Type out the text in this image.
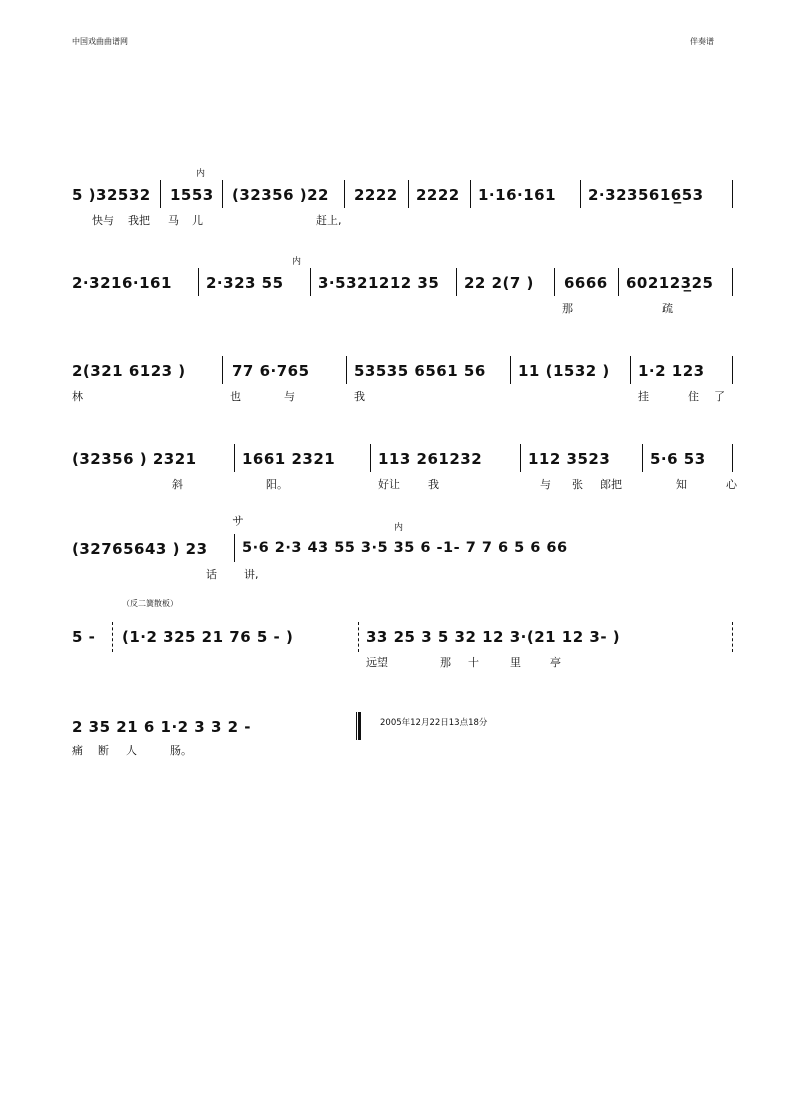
中国戏曲曲谱网	伴奏谱
5 )32532 1553
内
(32356 )22 2222 2222 1·16·161 2·3235616̲53
快与 我把 马 儿	赶上,
2·3216·161 2·323 55
内
3·5321212 35 22 2(7 ) 6666 602123̲25
那	疏
2(321 6123 )	77 6·765	53535 6561 56 11 (1532 ) 1·2 123
林	也	与	我	挂	住 了
(32356 ) 2321	1661 2321	113 261232	112 3523	5·6 53
斜	阳。	好让	我	与 张 郎把	知	心
(32765643 ) 23
サ
5·6 2·3 43 55 3·5 35 6 -1- 7 7 6 5 6 66
内
话 讲,
5 -
（反二簧散板）
(1·2 325 21 76 5 - )	33 25 3 5 32 12 3·(21 12 3- )
远望	那 十	里	亭
2 35 21 6 1·2 3 3 2 -	2005年12月22日13点18分
痛 断 人	肠。
